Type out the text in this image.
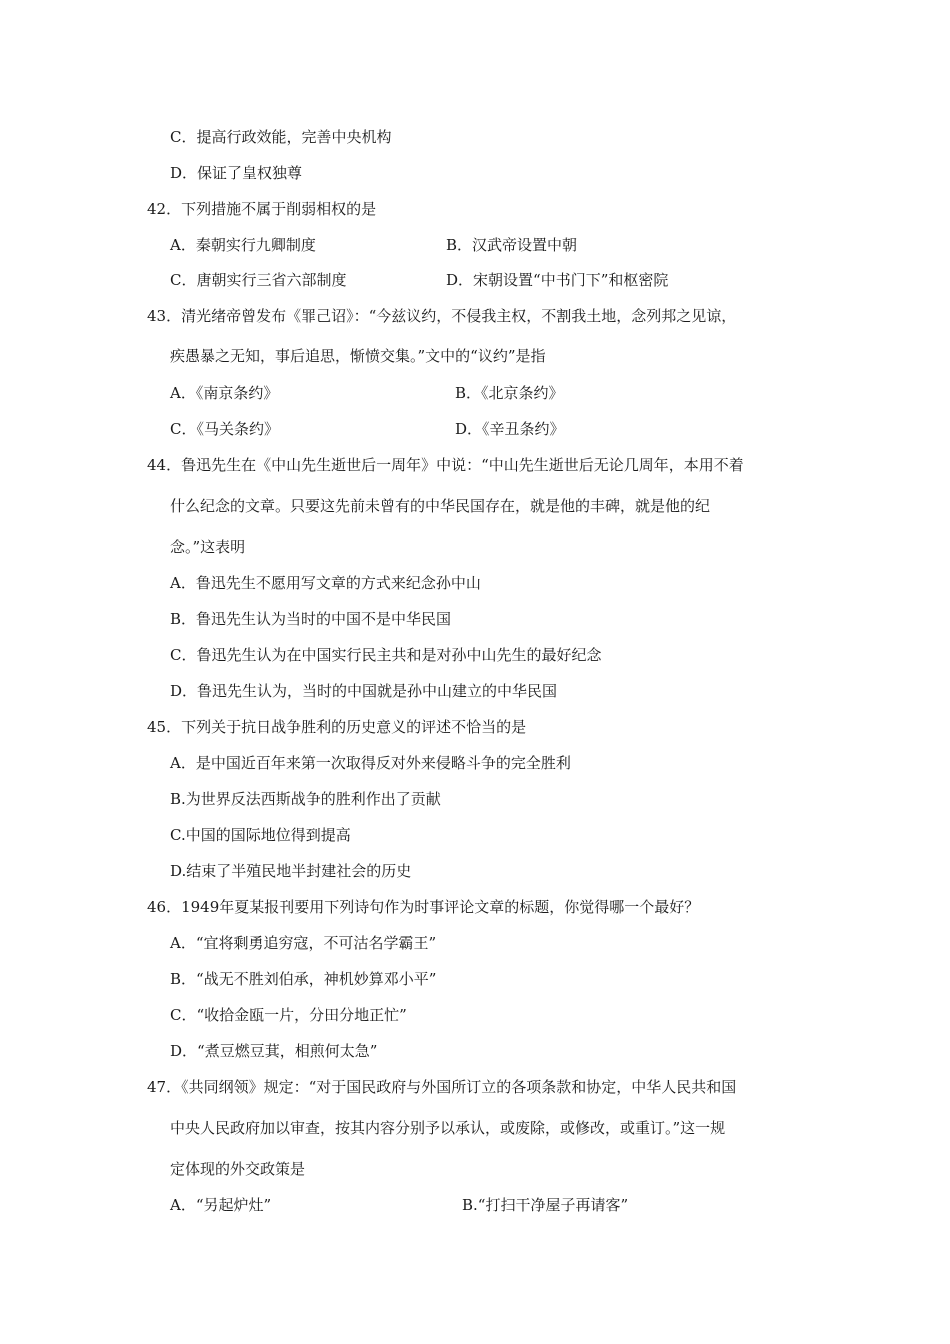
C．提高行政效能，完善中央机构
D．保证了皇权独尊
42．下列措施不属于削弱相权的是
A．秦朝实行九卿制度	B．汉武帝设置中朝
C．唐朝实行三省六部制度	D．宋朝设置“中书门下”和枢密院
43．清光绪帝曾发布《罪己诏》：“今兹议约，不侵我主权，不割我土地，念列邦之见谅，
疾愚暴之无知，事后追思，惭愤交集。”文中的“议约”是指
A．《南京条约》	B．《北京条约》
C．《马关条约》	D．《辛丑条约》
44．鲁迅先生在《中山先生逝世后一周年》中说：“中山先生逝世后无论几周年，本用不着
什么纪念的文章。只要这先前未曾有的中华民国存在，就是他的丰碑，就是他的纪
念。”这表明
A．鲁迅先生不愿用写文章的方式来纪念孙中山
B．鲁迅先生认为当时的中国不是中华民国
C．鲁迅先生认为在中国实行民主共和是对孙中山先生的最好纪念
D．鲁迅先生认为，当时的中国就是孙中山建立的中华民国
45．下列关于抗日战争胜利的历史意义的评述不恰当的是
A．是中国近百年来第一次取得反对外来侵略斗争的完全胜利
B.为世界反法西斯战争的胜利作出了贡献
C.中国的国际地位得到提高
D.结束了半殖民地半封建社会的历史
46．1949年夏某报刊要用下列诗句作为时事评论文章的标题，你觉得哪一个最好？
A．“宜将剩勇追穷寇，不可沽名学霸王”
B．“战无不胜刘伯承，神机妙算邓小平”
C．“收拾金瓯一片，分田分地正忙”
D．“煮豆燃豆萁，相煎何太急”
47．《共同纲领》规定：“对于国民政府与外国所订立的各项条款和协定，中华人民共和国
中央人民政府加以审查，按其内容分别予以承认，或废除，或修改，或重订。”这一规
定体现的外交政策是
A．“另起炉灶”	B.“打扫干净屋子再请客”
